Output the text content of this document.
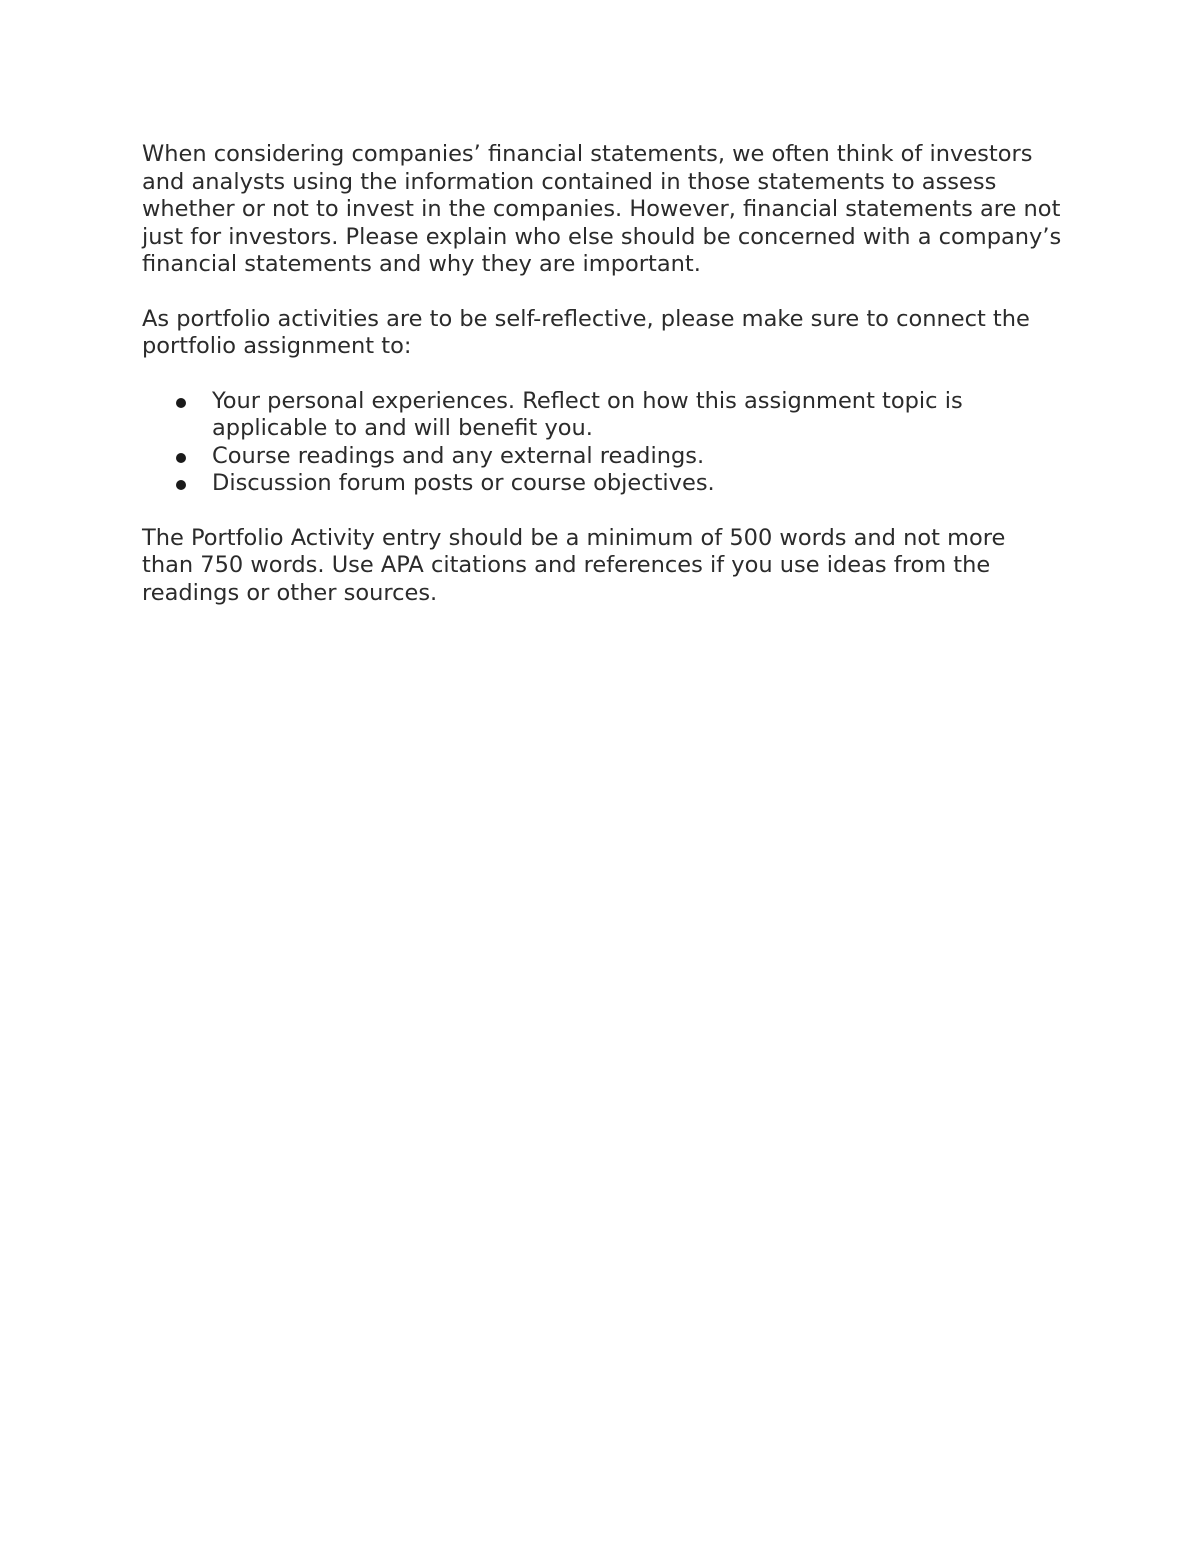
When considering companies’ financial statements, we often think of investors and analysts using the information contained in those statements to assess whether or not to invest in the companies. However, financial statements are not just for investors. Please explain who else should be concerned with a company’s financial statements and why they are important.

As portfolio activities are to be self-reflective, please make sure to connect the portfolio assignment to:

Your personal experiences. Reflect on how this assignment topic is applicable to and will benefit you.
Course readings and any external readings.
Discussion forum posts or course objectives.

The Portfolio Activity entry should be a minimum of 500 words and not more than 750 words. Use APA citations and references if you use ideas from the readings or other sources.
